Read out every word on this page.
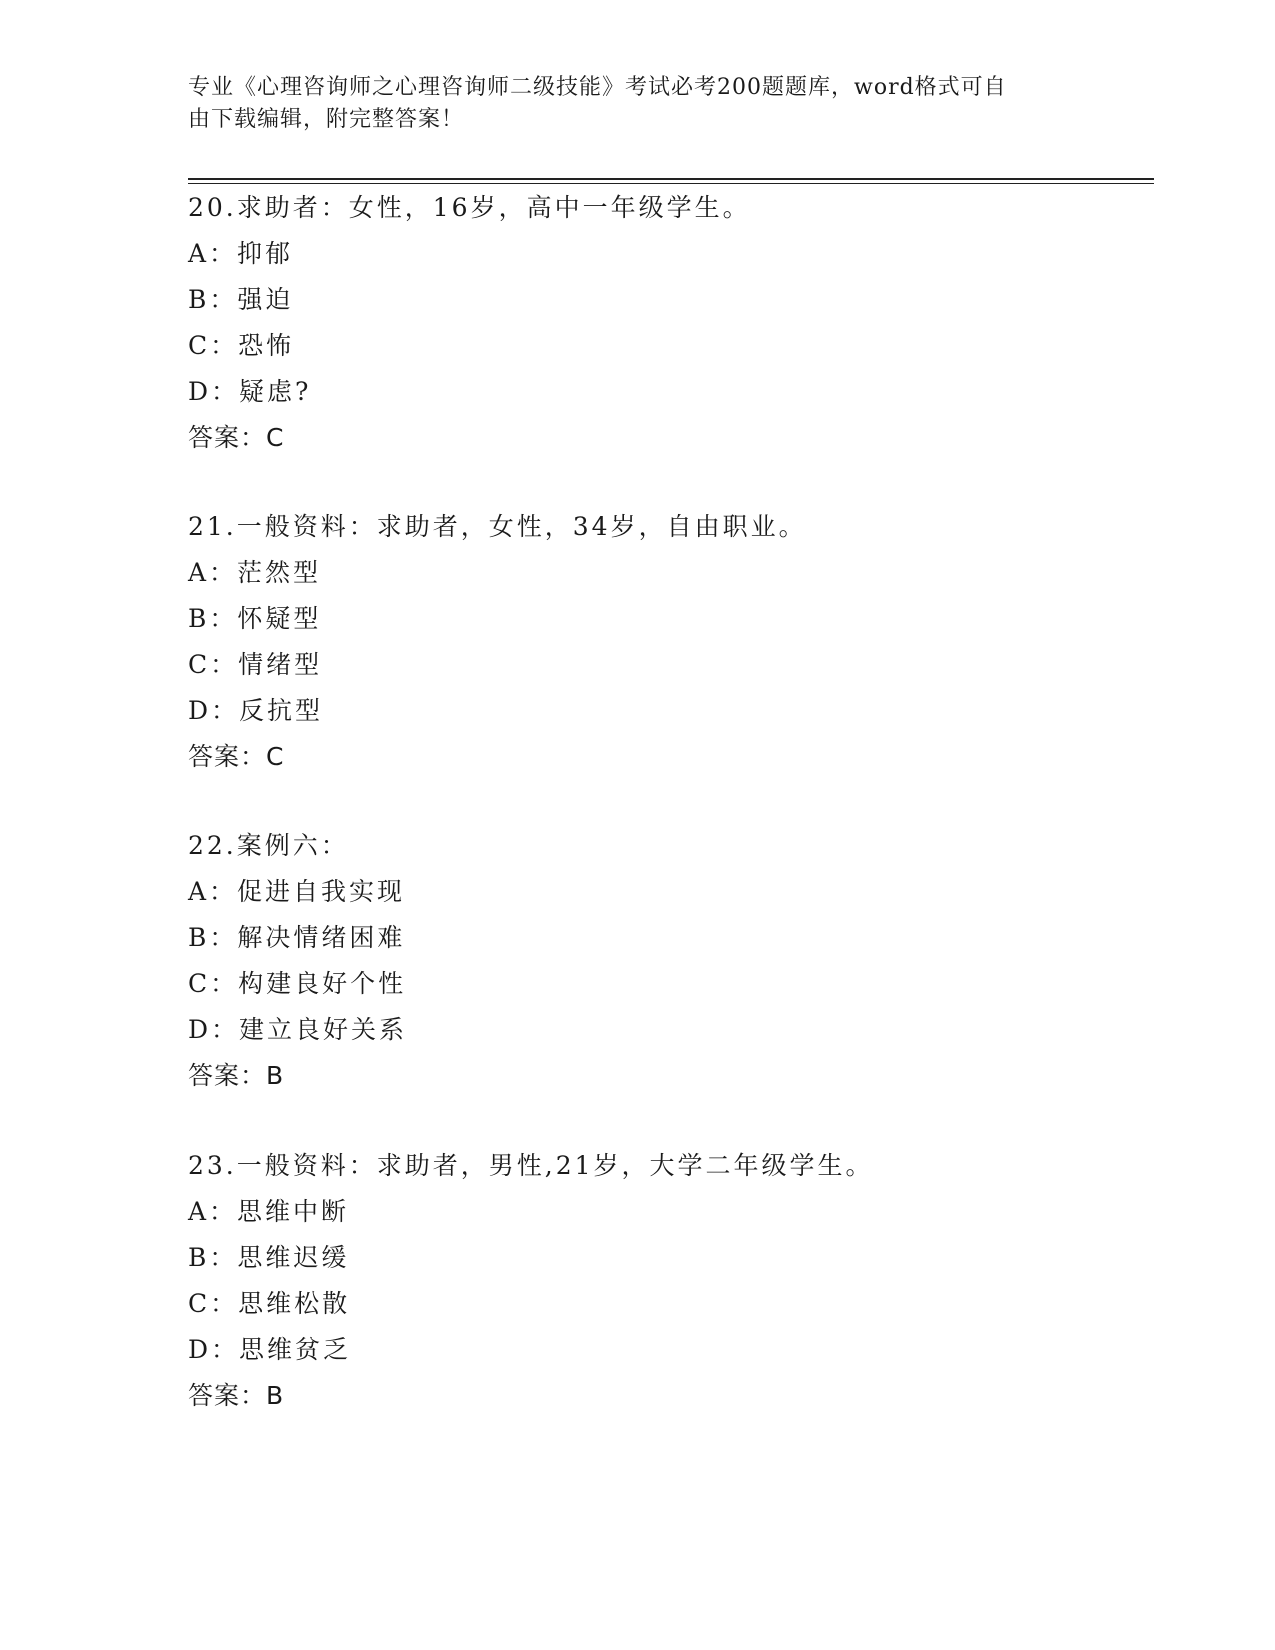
专业《心理咨询师之心理咨询师二级技能》考试必考200题题库，word格式可自
由下载编辑，附完整答案！
20.求助者：女性，16岁，高中一年级学生。
A：抑郁
B：强迫
C：恐怖
D：疑虑?
答案：C
21.一般资料：求助者，女性，34岁，自由职业。
A：茫然型
B：怀疑型
C：情绪型
D：反抗型
答案：C
22.案例六：
A：促进自我实现
B：解决情绪困难
C：构建良好个性
D：建立良好关系
答案：B
23.一般资料：求助者，男性,21岁，大学二年级学生。
A：思维中断
B：思维迟缓
C：思维松散
D：思维贫乏
答案：B
